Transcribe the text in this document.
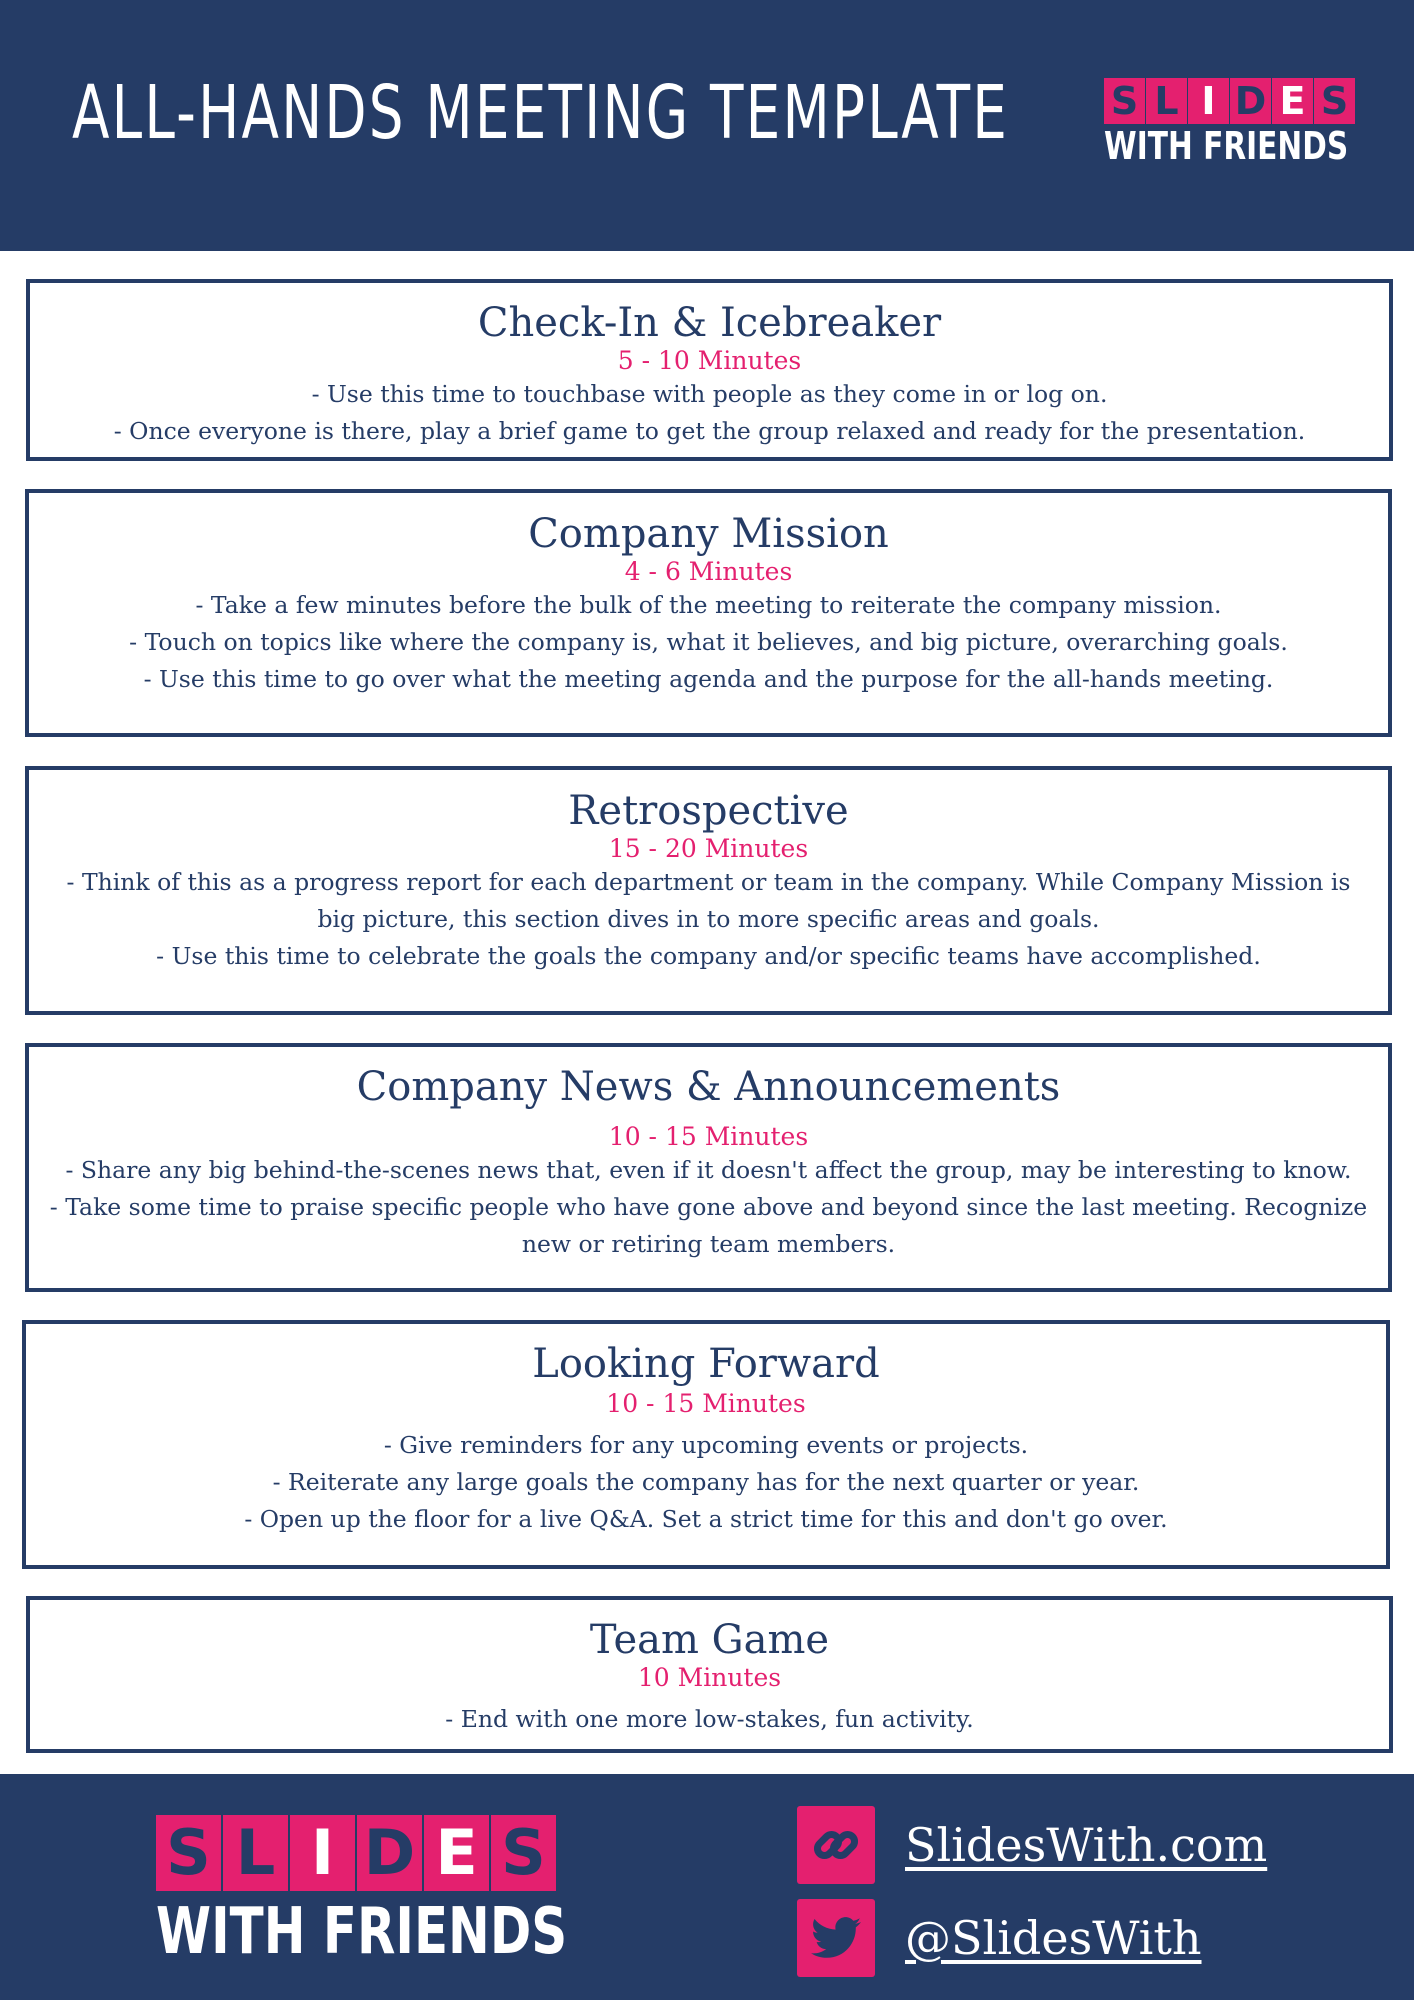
ALL-HANDS MEETING TEMPLATE	S L I D E S
WITH FRIENDS
Check-In & Icebreaker
5 - 10 Minutes
- Use this time to touchbase with people as they come in or log on.
- Once everyone is there, play a brief game to get the group relaxed and ready for the presentation.
Company Mission
4 - 6 Minutes
- Take a few minutes before the bulk of the meeting to reiterate the company mission.
- Touch on topics like where the company is, what it believes, and big picture, overarching goals.
- Use this time to go over what the meeting agenda and the purpose for the all-hands meeting.
Retrospective
15 - 20 Minutes
- Think of this as a progress report for each department or team in the company. While Company Mission is
big picture, this section dives in to more specific areas and goals.
- Use this time to celebrate the goals the company and/or specific teams have accomplished.
Company News & Announcements
10 - 15 Minutes
- Share any big behind-the-scenes news that, even if it doesn't affect the group, may be interesting to know.
- Take some time to praise specific people who have gone above and beyond since the last meeting. Recognize
new or retiring team members.
Looking Forward
10 - 15 Minutes
- Give reminders for any upcoming events or projects.
- Reiterate any large goals the company has for the next quarter or year.
- Open up the floor for a live Q&A. Set a strict time for this and don't go over.
Team Game
10 Minutes
- End with one more low-stakes, fun activity.
S L I D E S
WITH FRIENDS
SlidesWith.com
@SlidesWith
